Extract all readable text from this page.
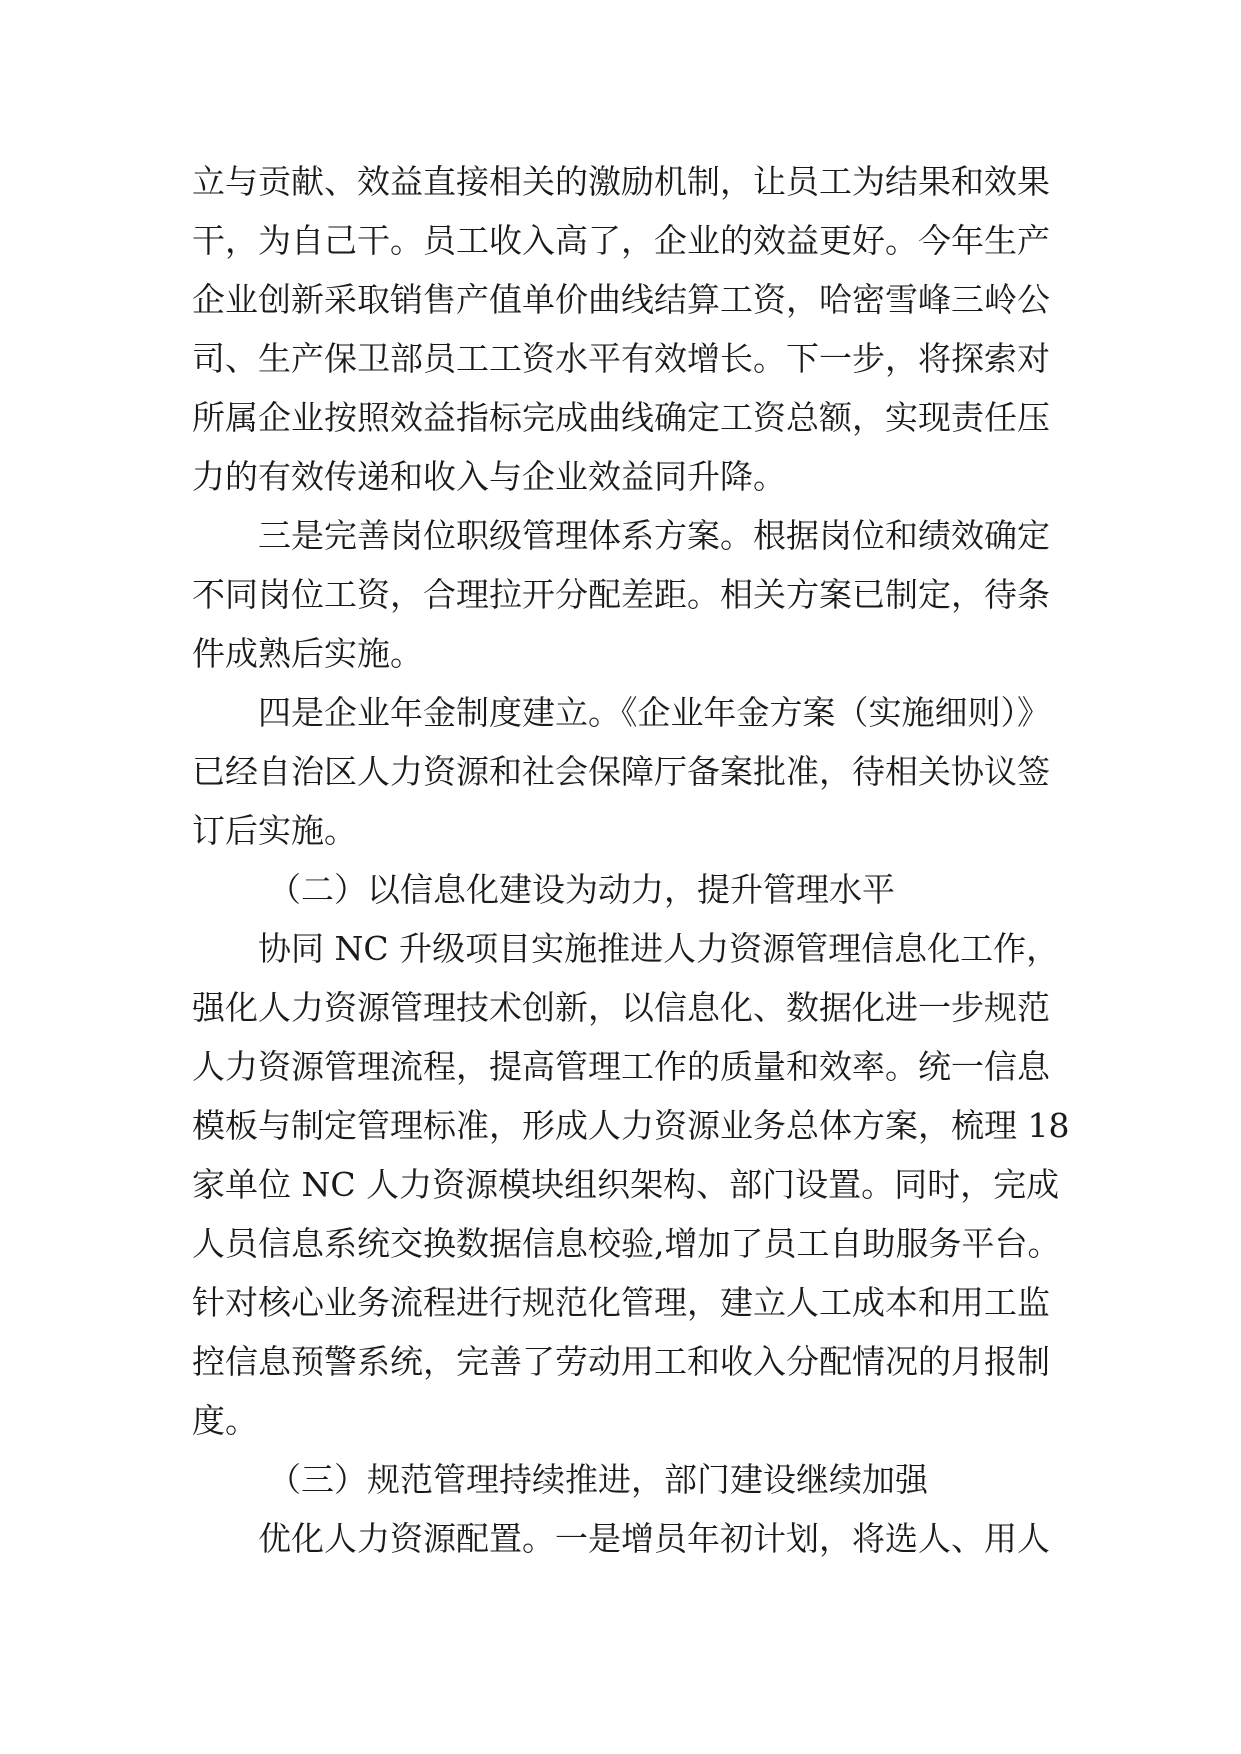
立与贡献、效益直接相关的激励机制，让员工为结果和效果
干，为自己干。员工收入高了，企业的效益更好。今年生产
企业创新采取销售产值单价曲线结算工资，哈密雪峰三岭公
司、生产保卫部员工工资水平有效增长。下一步，将探索对
所属企业按照效益指标完成曲线确定工资总额，实现责任压
力的有效传递和收入与企业效益同升降。
三是完善岗位职级管理体系方案。根据岗位和绩效确定
不同岗位工资，合理拉开分配差距。相关方案已制定，待条
件成熟后实施。
四是企业年金制度建立。《企业年金方案（实施细则）》
已经自治区人力资源和社会保障厅备案批准，待相关协议签
订后实施。
（二）以信息化建设为动力，提升管理水平
协同 NC 升级项目实施推进人力资源管理信息化工作，
强化人力资源管理技术创新，以信息化、数据化进一步规范
人力资源管理流程，提高管理工作的质量和效率。统一信息
模板与制定管理标准，形成人力资源业务总体方案，梳理 18
家单位 NC 人力资源模块组织架构、部门设置。同时，完成
人员信息系统交换数据信息校验,增加了员工自助服务平台。
针对核心业务流程进行规范化管理，建立人工成本和用工监
控信息预警系统，完善了劳动用工和收入分配情况的月报制
度。
（三）规范管理持续推进，部门建设继续加强
优化人力资源配置。一是增员年初计划，将选人、用人
